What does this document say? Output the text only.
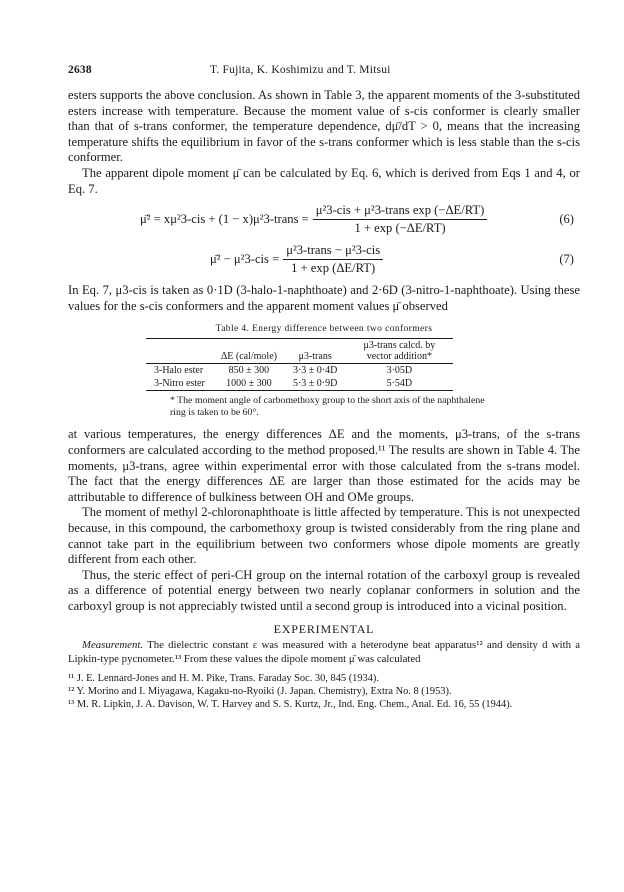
2638	T. Fujita, K. Koshimizu and T. Mitsui

esters supports the above conclusion. As shown in Table 3, the apparent moments of the 3-substituted esters increase with temperature. Because the moment value of s-cis conformer is clearly smaller than that of s-trans conformer, the temperature dependence, dμ̄/dT > 0, means that the increasing temperature shifts the equilibrium in favor of the s-trans conformer which is less stable than the s-cis conformer.

The apparent dipole moment μ̄ can be calculated by Eq. 6, which is derived from Eqs 1 and 4, or Eq. 7.

μ̄² = xμ²3-cis + (1 − x)μ²3-trans = $\frac{\text{μ²3-cis + μ²3-trans exp (−ΔE/RT)}}{1 + \exp (-\Delta E/RT)}$	(6)
μ̄² − $\mu^23-cis = \frac{\text{μ²3-trans − μ²3-cis}}{1 + \exp (\Delta E/RT)}$	(7)

In Eq. 7, μ3-cis is taken as 0·1D (3-halo-1-naphthoate) and 2·6D (3-nitro-1-naphthoate). Using these values for the s-cis conformers and the apparent moment values μ̄ observed

Table 4. Energy difference between two conformers
	ΔE (cal/mole)	μ3-trans	μ3-trans calcd. by vector addition*
3-Halo ester	850 ± 300	3·3 ± 0·4D	3·05D
3-Nitro ester	1000 ± 300	5·3 ± 0·9D	5·54D
* The moment angle of carbomethoxy group to the short axis of the naphthalene ring is taken to be 60°.

at various temperatures, the energy differences ΔE and the moments, μ3-trans, of the s-trans conformers are calculated according to the method proposed.¹¹ The results are shown in Table 4. The moments, μ3-trans, agree within experimental error with those calculated from the s-trans model. The fact that the energy differences ΔE are larger than those estimated for the acids may be attributable to difference of bulkiness between OH and OMe groups.

The moment of methyl 2-chloronaphthoate is little affected by temperature. This is not unexpected because, in this compound, the carbomethoxy group is twisted considerably from the ring plane and cannot take part in the equilibrium between two conformers whose dipole moments are greatly different from each other.

Thus, the steric effect of peri-CH group on the internal rotation of the carboxyl group is revealed as a difference of potential energy between two nearly coplanar conformers in solution and the carboxyl group is not appreciably twisted until a second group is introduced into a vicinal position.

EXPERIMENTAL

Measurement. The dielectric constant ε was measured with a heterodyne beat apparatus¹² and density d with a Lipkin-type pycnometer.¹³ From these values the dipole moment μ̄ was calculated

¹¹ J. E. Lennard-Jones and H. M. Pike, Trans. Faraday Soc. 30, 845 (1934).
¹² Y. Morino and I. Miyagawa, Kagaku-no-Ryoiki (J. Japan. Chemistry), Extra No. 8 (1953).
¹³ M. R. Lipkin, J. A. Davison, W. T. Harvey and S. S. Kurtz, Jr., Ind. Eng. Chem., Anal. Ed. 16, 55 (1944).
